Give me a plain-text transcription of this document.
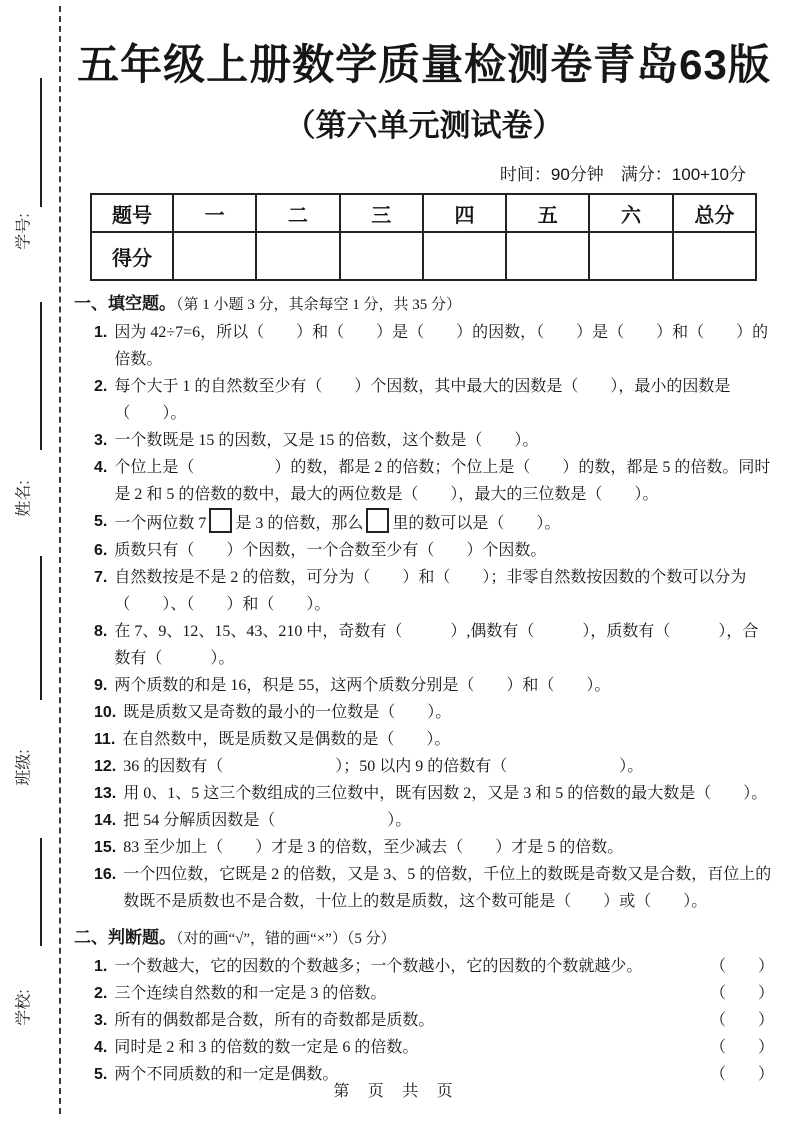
学号:
姓名:
班级:
学校:
五年级上册数学质量检测卷青岛63版
（第六单元测试卷）
时间：90分钟　满分：100+10分
题号	一	二	三	四	五	六	总分
得分							
一、填空题。（第 1 小题 3 分，其余每空 1 分，共 35 分）
1. 因为 42÷7=6，所以（　　）和（　　）是（　　）的因数，（　　）是（　　）和（　　）的倍数。
2. 每个大于 1 的自然数至少有（　　）个因数，其中最大的因数是（　　），最小的因数是（　　）。
3. 一个数既是 15 的因数，又是 15 的倍数，这个数是（　　）。
4. 个位上是（　　　　　）的数，都是 2 的倍数；个位上是（　　）的数，都是 5 的倍数。同时是 2 和 5 的倍数的数中，最大的两位数是（　　），最大的三位数是（　　）。
5. 一个两位数 7 是 3 的倍数，那么 里的数可以是（　　）。
6. 质数只有（　　）个因数，一个合数至少有（　　）个因数。
7. 自然数按是不是 2 的倍数，可分为（　　）和（　　）；非零自然数按因数的个数可以分为（　　）、（　　）和（　　）。
8. 在 7、9、12、15、43、210 中，奇数有（　　　）,偶数有（　　　），质数有（　　　），合数有（　　　）。
9. 两个质数的和是 16，积是 55，这两个质数分别是（　　）和（　　）。
10. 既是质数又是奇数的最小的一位数是（　　）。
11. 在自然数中，既是质数又是偶数的是（　　）。
12. 36 的因数有（　　　　　　　）；50 以内 9 的倍数有（　　　　　　　）。
13. 用 0、1、5 这三个数组成的三位数中，既有因数 2，又是 3 和 5 的倍数的最大数是（　　）。
14. 把 54 分解质因数是（　　　　　　　）。
15. 83 至少加上（　　）才是 3 的倍数，至少减去（　　）才是 5 的倍数。
16. 一个四位数，它既是 2 的倍数，又是 3、5 的倍数，千位上的数既是奇数又是合数，百位上的数既不是质数也不是合数，十位上的数是质数，这个数可能是（　　）或（　　）。
二、判断题。（对的画“√”，错的画“×”）（5 分）
1. 一个数越大，它的因数的个数越多；一个数越小，它的因数的个数就越少。	（　　）
2. 三个连续自然数的和一定是 3 的倍数。	（　　）
3. 所有的偶数都是合数，所有的奇数都是质数。	（　　）
4. 同时是 2 和 3 的倍数的数一定是 6 的倍数。	（　　）
5. 两个不同质数的和一定是偶数。	（　　）
第 页 共 页
